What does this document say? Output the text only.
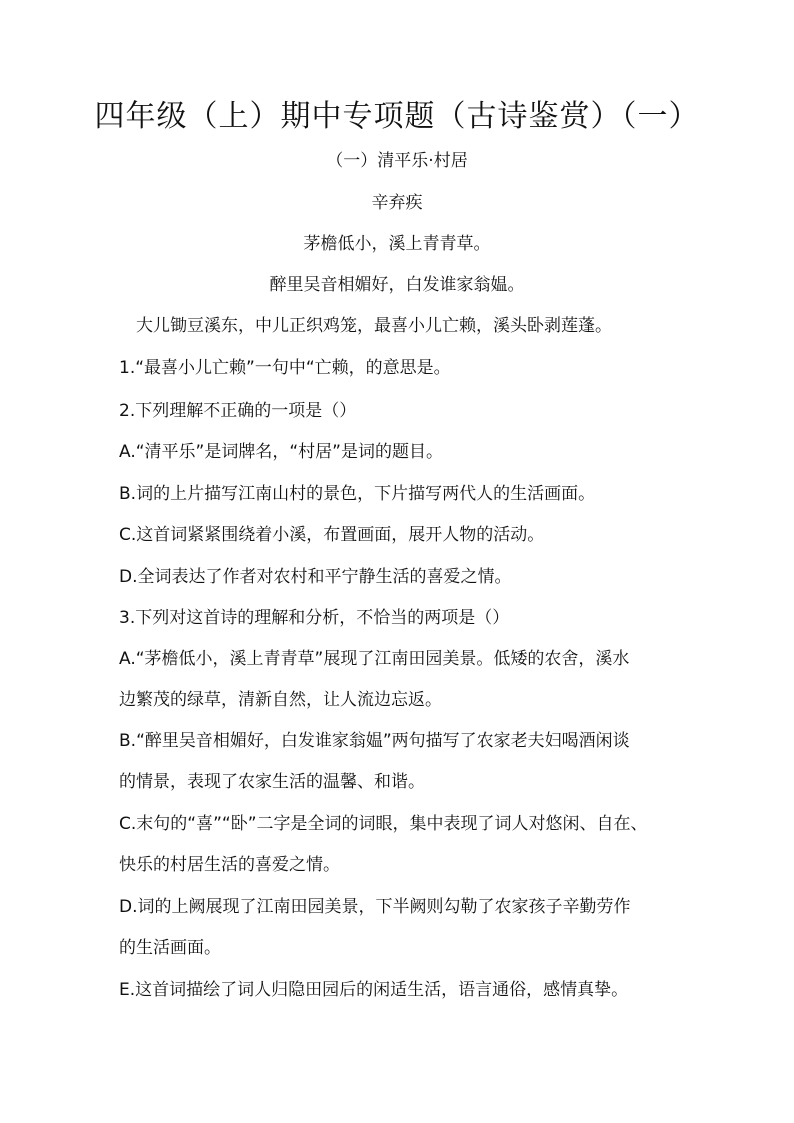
四年级（上）期中专项题（古诗鉴赏）（一）

（一）清平乐·村居

辛弃疾

茅檐低小，溪上青青草。

醉里吴音相媚好，白发谁家翁媪。

大儿锄豆溪东，中儿正织鸡笼，最喜小儿亡赖，溪头卧剥莲蓬。

1.“最喜小儿亡赖”一句中“亡赖，的意思是。

2.下列理解不正确的一项是（）

A.“清平乐”是词牌名，“村居”是词的题目。

B.词的上片描写江南山村的景色，下片描写两代人的生活画面。

C.这首词紧紧围绕着小溪，布置画面，展开人物的活动。

D.全词表达了作者对农村和平宁静生活的喜爱之情。

3.下列对这首诗的理解和分析，不恰当的两项是（）

A.“茅檐低小，溪上青青草”展现了江南田园美景。低矮的农舍，溪水

边繁茂的绿草，清新自然，让人流边忘返。

B.“醉里吴音相媚好，白发谁家翁媪”两句描写了农家老夫妇喝酒闲谈

的情景，表现了农家生活的温馨、和谐。

C.末句的“喜”“卧”二字是全词的词眼，集中表现了词人对悠闲、自在、

快乐的村居生活的喜爱之情。

D.词的上阙展现了江南田园美景，下半阙则勾勒了农家孩子辛勤劳作

的生活画面。

E.这首词描绘了词人归隐田园后的闲适生活，语言通俗，感情真挚。
